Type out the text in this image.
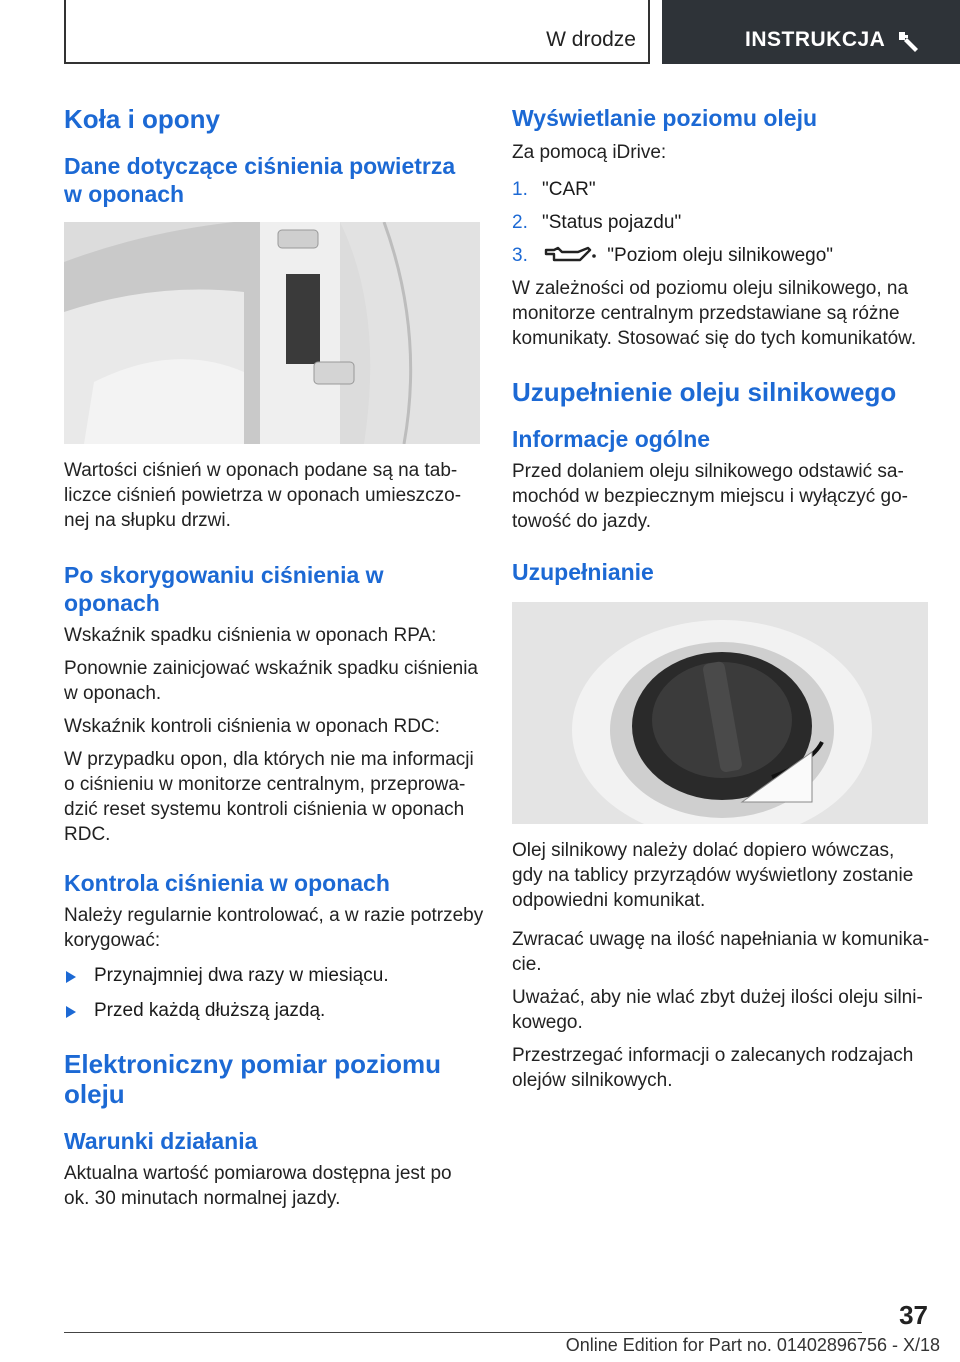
W drodze	INSTRUKCJA
Koła i opony
Dane dotyczące ciśnienia powietrza w oponach
Wartości ciśnień w oponach podane są na tab-liczce ciśnień powietrza w oponach umieszczo-nej na słupku drzwi.
Po skorygowaniu ciśnienia w oponach
Wskaźnik spadku ciśnienia w oponach RPA:
Ponownie zainicjować wskaźnik spadku ciśnienia w oponach.
Wskaźnik kontroli ciśnienia w oponach RDC:
W przypadku opon, dla których nie ma informacji o ciśnieniu w monitorze centralnym, przeprowa-dzić reset systemu kontroli ciśnienia w oponach RDC.
Kontrola ciśnienia w oponach
Należy regularnie kontrolować, a w razie potrzeby korygować:
Przynajmniej dwa razy w miesiącu.
Przed każdą dłuższą jazdą.
Elektroniczny pomiar poziomu oleju
Warunki działania
Aktualna wartość pomiarowa dostępna jest po ok. 30 minutach normalnej jazdy.
Wyświetlanie poziomu oleju
Za pomocą iDrive:
1. "CAR"
2. "Status pojazdu"
3.	"Poziom oleju silnikowego"
W zależności od poziomu oleju silnikowego, na monitorze centralnym przedstawiane są różne komunikaty. Stosować się do tych komunikatów.
Uzupełnienie oleju silnikowego
Informacje ogólne
Przed dolaniem oleju silnikowego odstawić sa-mochód w bezpiecznym miejscu i wyłączyć go-towość do jazdy.
Uzupełnianie
Olej silnikowy należy dolać dopiero wówczas, gdy na tablicy przyrządów wyświetlony zostanie odpowiedni komunikat.
Zwracać uwagę na ilość napełniania w komunika-cie.
Uważać, aby nie wlać zbyt dużej ilości oleju silni-kowego.
Przestrzegać informacji o zalecanych rodzajach olejów silnikowych.
37
Online Edition for Part no. 01402896756 - X/18
